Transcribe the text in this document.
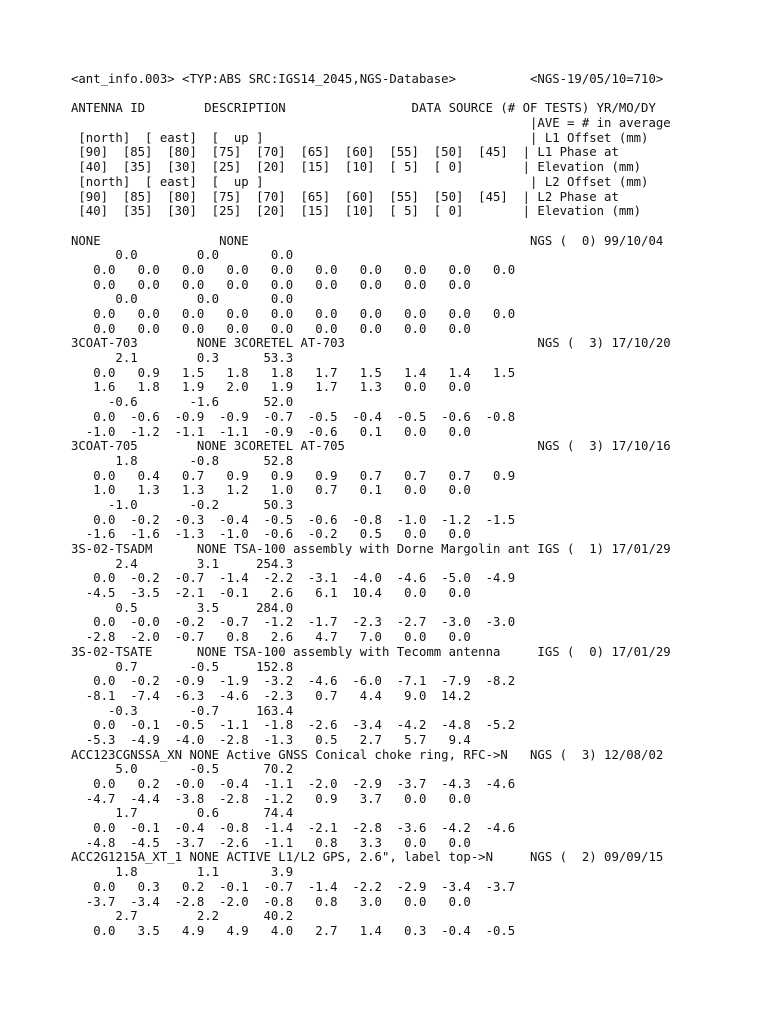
<ant_info.003> <TYP:ABS SRC:IGS14_2045,NGS-Database>          <NGS-19/05/10=710>
ANTENNA ID        DESCRIPTION                 DATA SOURCE (# OF TESTS) YR/MO/DY
|AVE = # in average
[north]  [ east]  [  up ]                                    | L1 Offset (mm)
[90]  [85]  [80]  [75]  [70]  [65]  [60]  [55]  [50]  [45]  | L1 Phase at
[40]  [35]  [30]  [25]  [20]  [15]  [10]  [ 5]  [ 0]        | Elevation (mm)
[north]  [ east]  [  up ]                                    | L2 Offset (mm)
[90]  [85]  [80]  [75]  [70]  [65]  [60]  [55]  [50]  [45]  | L2 Phase at
[40]  [35]  [30]  [25]  [20]  [15]  [10]  [ 5]  [ 0]        | Elevation (mm)
NONE                NONE                                      NGS (  0) 99/10/04
0.0        0.0       0.0
0.0   0.0   0.0   0.0   0.0   0.0   0.0   0.0   0.0   0.0
0.0   0.0   0.0   0.0   0.0   0.0   0.0   0.0   0.0
0.0        0.0       0.0
0.0   0.0   0.0   0.0   0.0   0.0   0.0   0.0   0.0   0.0
0.0   0.0   0.0   0.0   0.0   0.0   0.0   0.0   0.0
3COAT-703        NONE 3CORETEL AT-703                          NGS (  3) 17/10/20
2.1        0.3      53.3
0.0   0.9   1.5   1.8   1.8   1.7   1.5   1.4   1.4   1.5
1.6   1.8   1.9   2.0   1.9   1.7   1.3   0.0   0.0
-0.6       -1.6      52.0
0.0  -0.6  -0.9  -0.9  -0.7  -0.5  -0.4  -0.5  -0.6  -0.8
-1.0  -1.2  -1.1  -1.1  -0.9  -0.6   0.1   0.0   0.0
3COAT-705        NONE 3CORETEL AT-705                          NGS (  3) 17/10/16
1.8       -0.8      52.8
0.0   0.4   0.7   0.9   0.9   0.9   0.7   0.7   0.7   0.9
1.0   1.3   1.3   1.2   1.0   0.7   0.1   0.0   0.0
-1.0       -0.2      50.3
0.0  -0.2  -0.3  -0.4  -0.5  -0.6  -0.8  -1.0  -1.2  -1.5
-1.6  -1.6  -1.3  -1.0  -0.6  -0.2   0.5   0.0   0.0
3S-02-TSADM      NONE TSA-100 assembly with Dorne Margolin ant IGS (  1) 17/01/29
2.4        3.1     254.3
0.0  -0.2  -0.7  -1.4  -2.2  -3.1  -4.0  -4.6  -5.0  -4.9
-4.5  -3.5  -2.1  -0.1   2.6   6.1  10.4   0.0   0.0
0.5        3.5     284.0
0.0  -0.0  -0.2  -0.7  -1.2  -1.7  -2.3  -2.7  -3.0  -3.0
-2.8  -2.0  -0.7   0.8   2.6   4.7   7.0   0.0   0.0
3S-02-TSATE      NONE TSA-100 assembly with Tecomm antenna     IGS (  0) 17/01/29
0.7       -0.5     152.8
0.0  -0.2  -0.9  -1.9  -3.2  -4.6  -6.0  -7.1  -7.9  -8.2
-8.1  -7.4  -6.3  -4.6  -2.3   0.7   4.4   9.0  14.2
-0.3       -0.7     163.4
0.0  -0.1  -0.5  -1.1  -1.8  -2.6  -3.4  -4.2  -4.8  -5.2
-5.3  -4.9  -4.0  -2.8  -1.3   0.5   2.7   5.7   9.4
ACC123CGNSSA_XN NONE Active GNSS Conical choke ring, RFC->N   NGS (  3) 12/08/02
5.0       -0.5      70.2
0.0   0.2  -0.0  -0.4  -1.1  -2.0  -2.9  -3.7  -4.3  -4.6
-4.7  -4.4  -3.8  -2.8  -1.2   0.9   3.7   0.0   0.0
1.7        0.6      74.4
0.0  -0.1  -0.4  -0.8  -1.4  -2.1  -2.8  -3.6  -4.2  -4.6
-4.8  -4.5  -3.7  -2.6  -1.1   0.8   3.3   0.0   0.0
ACC2G1215A_XT_1 NONE ACTIVE L1/L2 GPS, 2.6", label top->N     NGS (  2) 09/09/15
1.8        1.1       3.9
0.0   0.3   0.2  -0.1  -0.7  -1.4  -2.2  -2.9  -3.4  -3.7
-3.7  -3.4  -2.8  -2.0  -0.8   0.8   3.0   0.0   0.0
2.7        2.2      40.2
0.0   3.5   4.9   4.9   4.0   2.7   1.4   0.3  -0.4  -0.5
